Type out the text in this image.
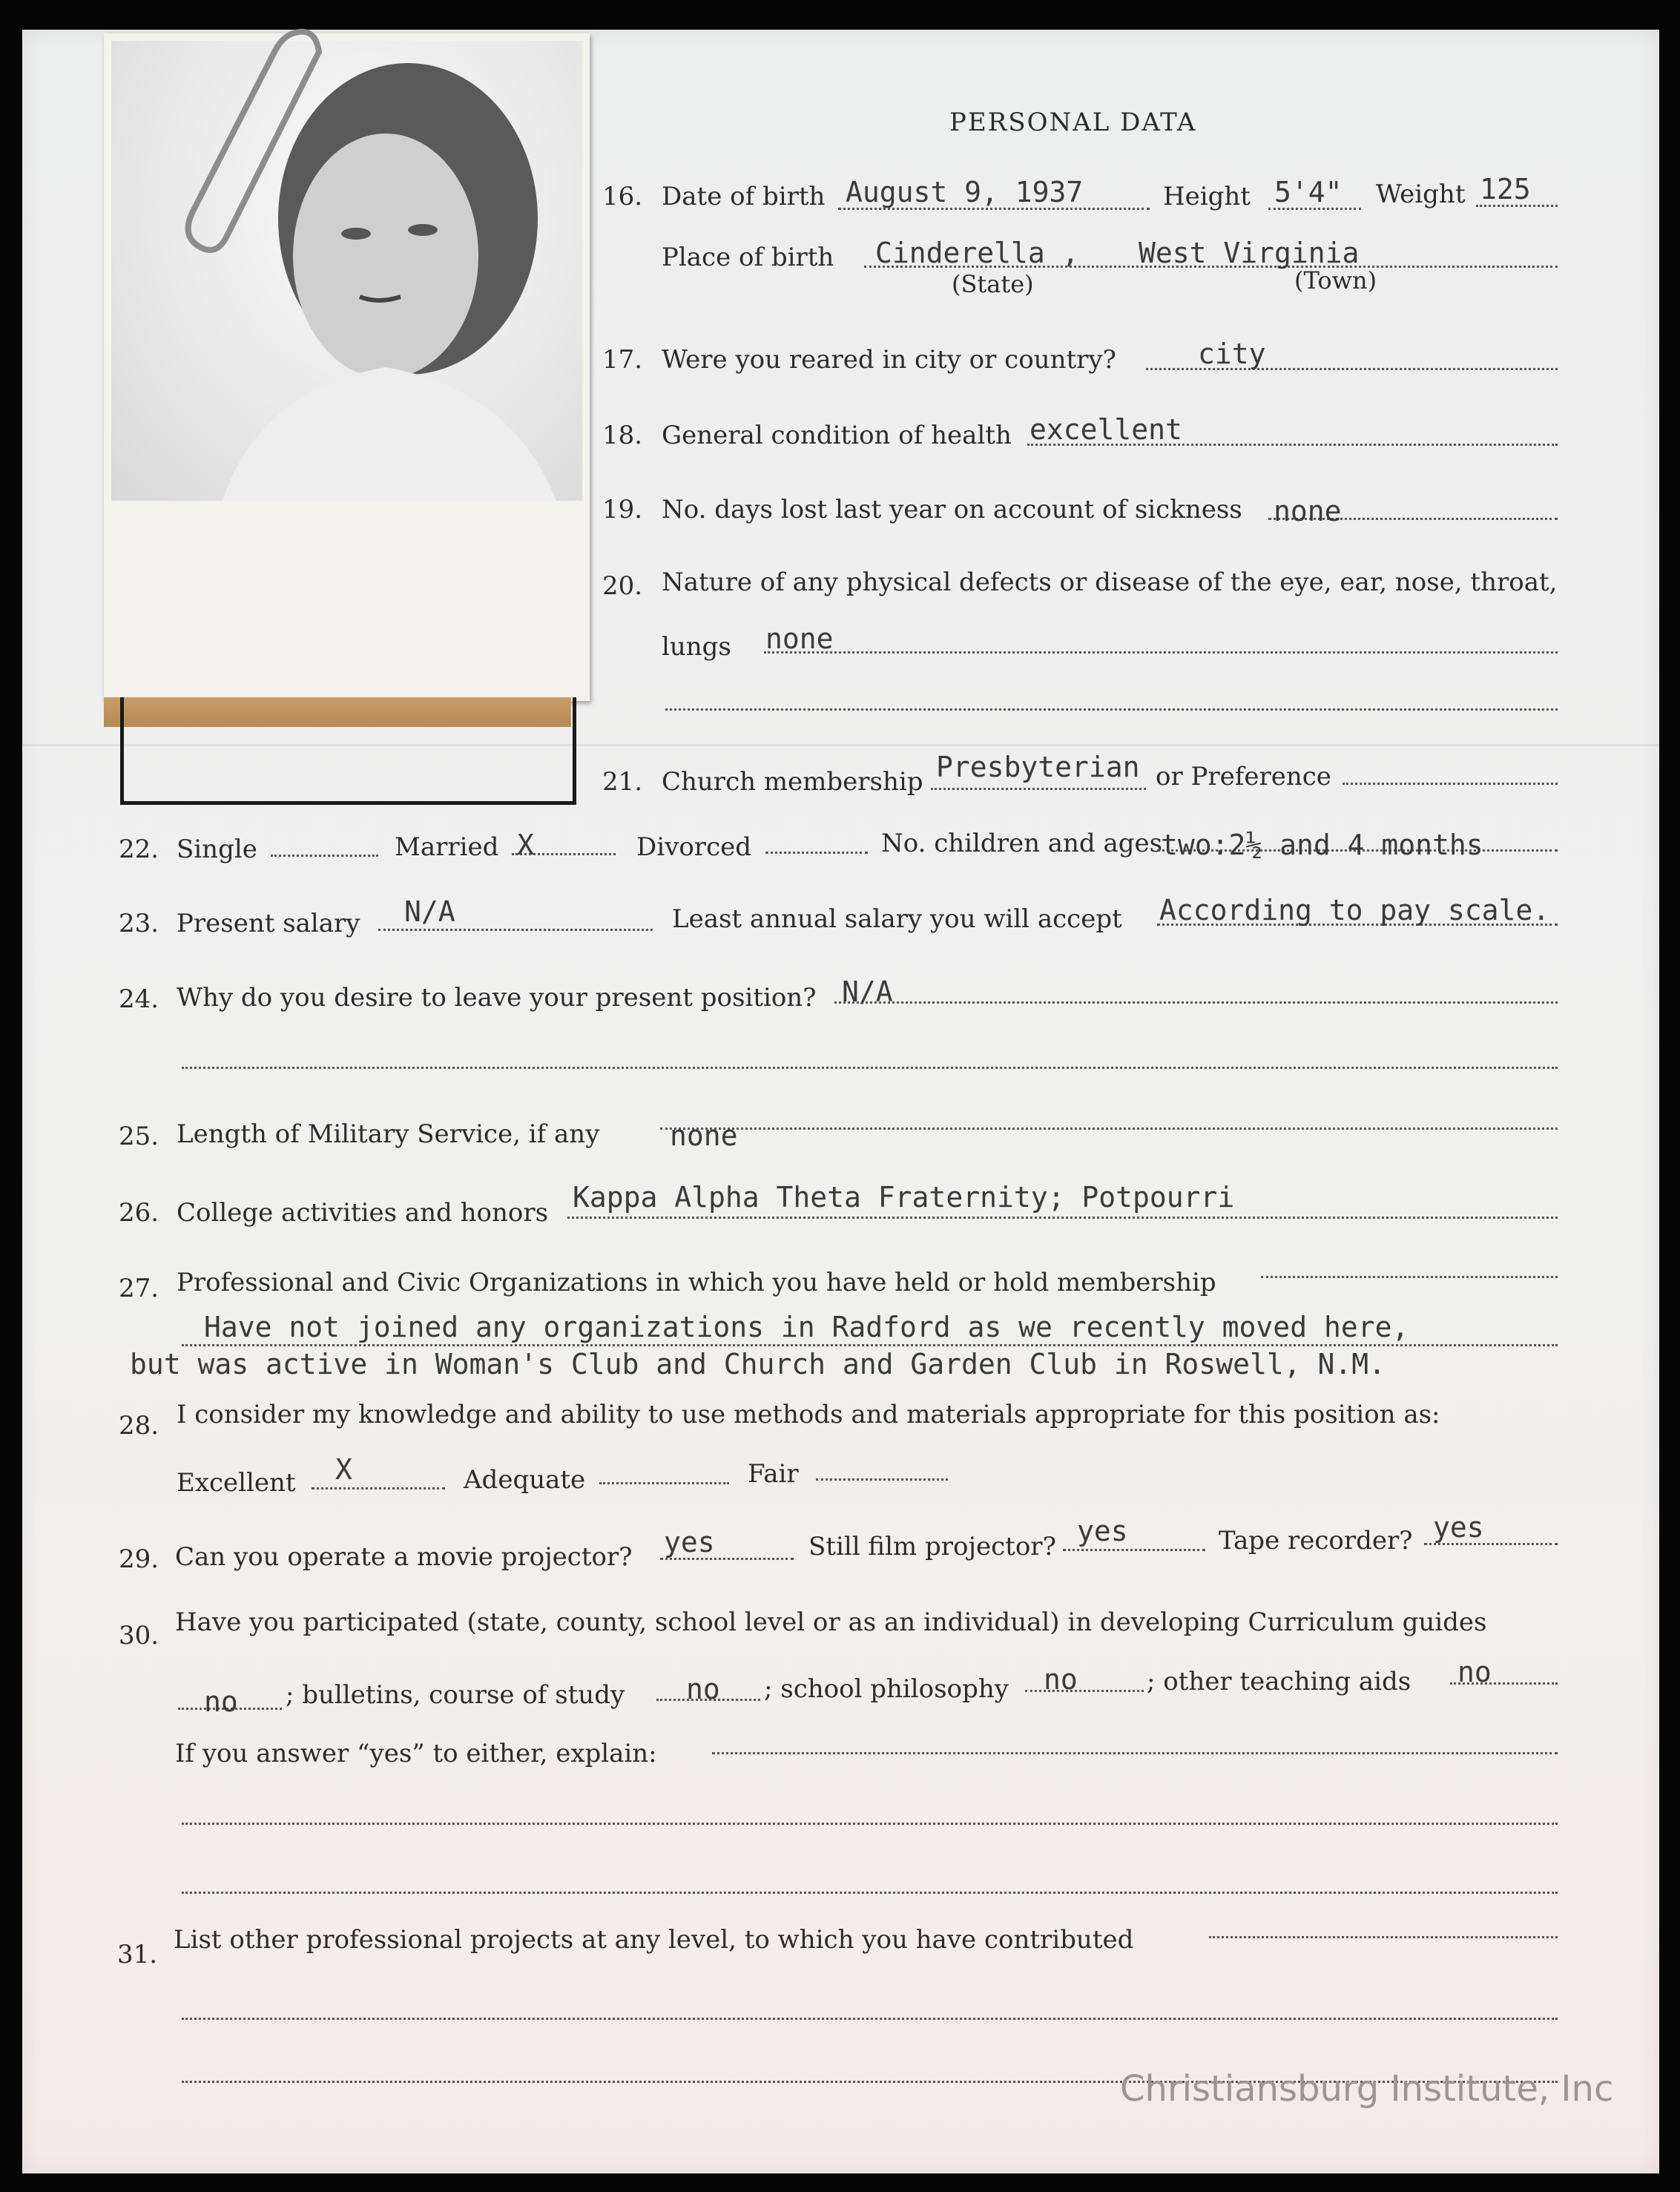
PERSONAL DATA
16. Date of birth August 9, 1937	Height 5'4" Weight 125
Place of birth Cinderella , West Virginia
(State)	(Town)
17. Were you reared in city or country?	city
18. General condition of health excellent
19. No. days lost last year on account of sickness none
20. Nature of any physical defects or disease of the eye, ear, nose, throat,
lungs none
21. Church membership Presbyterian or Preference
22. Single	Married X	Divorced	No. children and ages
two:2½ and 4 months
23. Present salary N/A	Least annual salary you will accept According to pay scale.
24. Why do you desire to leave your present position? N/A
25. Length of Military Service, if any none
26. College activities and honors Kappa Alpha Theta Fraternity; Potpourri
27. Professional and Civic Organizations in which you have held or hold membership
Have not joined any organizations in Radford as we recently moved here,
but was active in Woman's Club and Church and Garden Club in Roswell, N.M.
28. I consider my knowledge and ability to use methods and materials appropriate for this position as:
Excellent X	Adequate	Fair
29. Can you operate a movie projector? yes	Still film projector? yes	Tape recorder? yes
30. Have you participated (state, county, school level or as an individual) in developing Curriculum guides
no ; bulletins, course of study no ; school philosophy no	; other teaching aids no
If you answer “yes” to either, explain:
31. List other professional projects at any level, to which you have contributed
Christiansburg Institute, Inc
